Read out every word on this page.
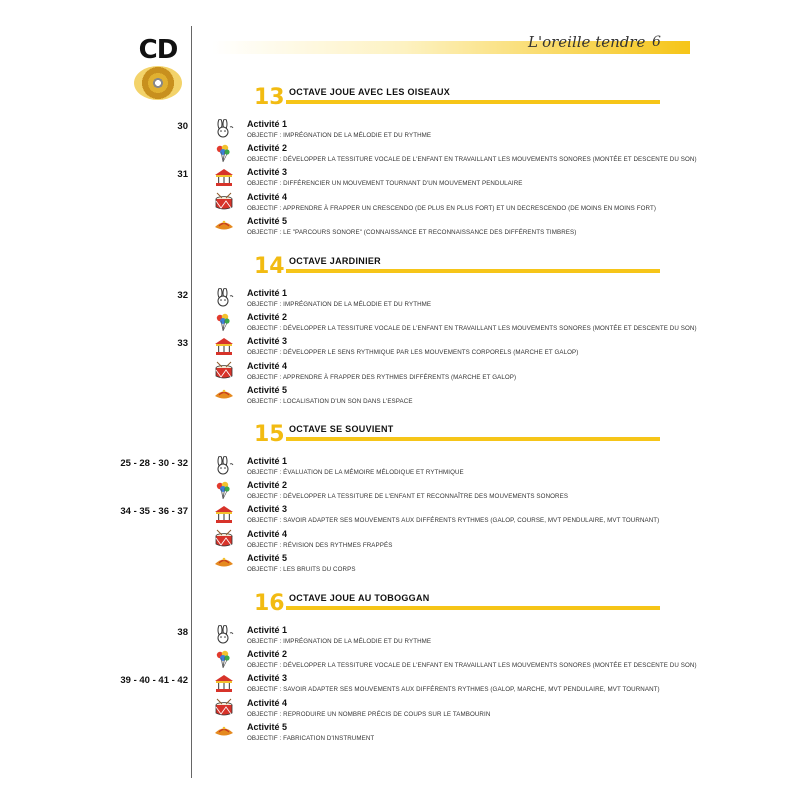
CD	L'oreille tendre 6
13 OCTAVE JOUE AVEC LES OISEAUX
Activité 1
OBJECTIF : IMPRÉGNATION DE LA MÉLODIE ET DU RYTHME
30
Activité 2
OBJECTIF : DÉVELOPPER LA TESSITURE VOCALE DE L'ENFANT EN TRAVAILLANT LES MOUVEMENTS SONORES (MONTÉE ET DESCENTE DU SON)
Activité 3
OBJECTIF : DIFFÉRENCIER UN MOUVEMENT TOURNANT D'UN MOUVEMENT PENDULAIRE
31
Activité 4
OBJECTIF : APPRENDRE À FRAPPER UN CRESCENDO (DE PLUS EN PLUS FORT) ET UN DECRESCENDO (DE MOINS EN MOINS FORT)
Activité 5
OBJECTIF : LE "PARCOURS SONORE" (CONNAISSANCE ET RECONNAISSANCE DES DIFFÉRENTS TIMBRES)
14 OCTAVE JARDINIER
Activité 1
OBJECTIF : IMPRÉGNATION DE LA MÉLODIE ET DU RYTHME
32
Activité 2
OBJECTIF : DÉVELOPPER LA TESSITURE VOCALE DE L'ENFANT EN TRAVAILLANT LES MOUVEMENTS SONORES (MONTÉE ET DESCENTE DU SON)
Activité 3
OBJECTIF : DÉVELOPPER LE SENS RYTHMIQUE PAR LES MOUVEMENTS CORPORELS (MARCHE ET GALOP)
33
Activité 4
OBJECTIF : APPRENDRE À FRAPPER DES RYTHMES DIFFÉRENTS (MARCHE ET GALOP)
Activité 5
OBJECTIF : LOCALISATION D'UN SON DANS L'ESPACE
15 OCTAVE SE SOUVIENT
Activité 1
OBJECTIF : ÉVALUATION DE LA MÉMOIRE MÉLODIQUE ET RYTHMIQUE
25 - 28 - 30 - 32
Activité 2
OBJECTIF : DÉVELOPPER LA TESSITURE DE L'ENFANT ET RECONNAÎTRE DES MOUVEMENTS SONORES
Activité 3
OBJECTIF : SAVOIR ADAPTER SES MOUVEMENTS AUX DIFFÉRENTS RYTHMES (GALOP, COURSE, MVT PENDULAIRE, MVT TOURNANT)
34 - 35 - 36 - 37
Activité 4
OBJECTIF : RÉVISION DES RYTHMES FRAPPÉS
Activité 5
OBJECTIF : LES BRUITS DU CORPS
16 OCTAVE JOUE AU TOBOGGAN
Activité 1
OBJECTIF : IMPRÉGNATION DE LA MÉLODIE ET DU RYTHME
38
Activité 2
OBJECTIF : DÉVELOPPER LA TESSITURE VOCALE DE L'ENFANT EN TRAVAILLANT LES MOUVEMENTS SONORES (MONTÉE ET DESCENTE DU SON)
Activité 3
OBJECTIF : SAVOIR ADAPTER SES MOUVEMENTS AUX DIFFÉRENTS RYTHMES (GALOP, MARCHE, MVT PENDULAIRE, MVT TOURNANT)
39 - 40 - 41 - 42
Activité 4
OBJECTIF : REPRODUIRE UN NOMBRE PRÉCIS DE COUPS SUR LE TAMBOURIN
Activité 5
OBJECTIF : FABRICATION D'INSTRUMENT
